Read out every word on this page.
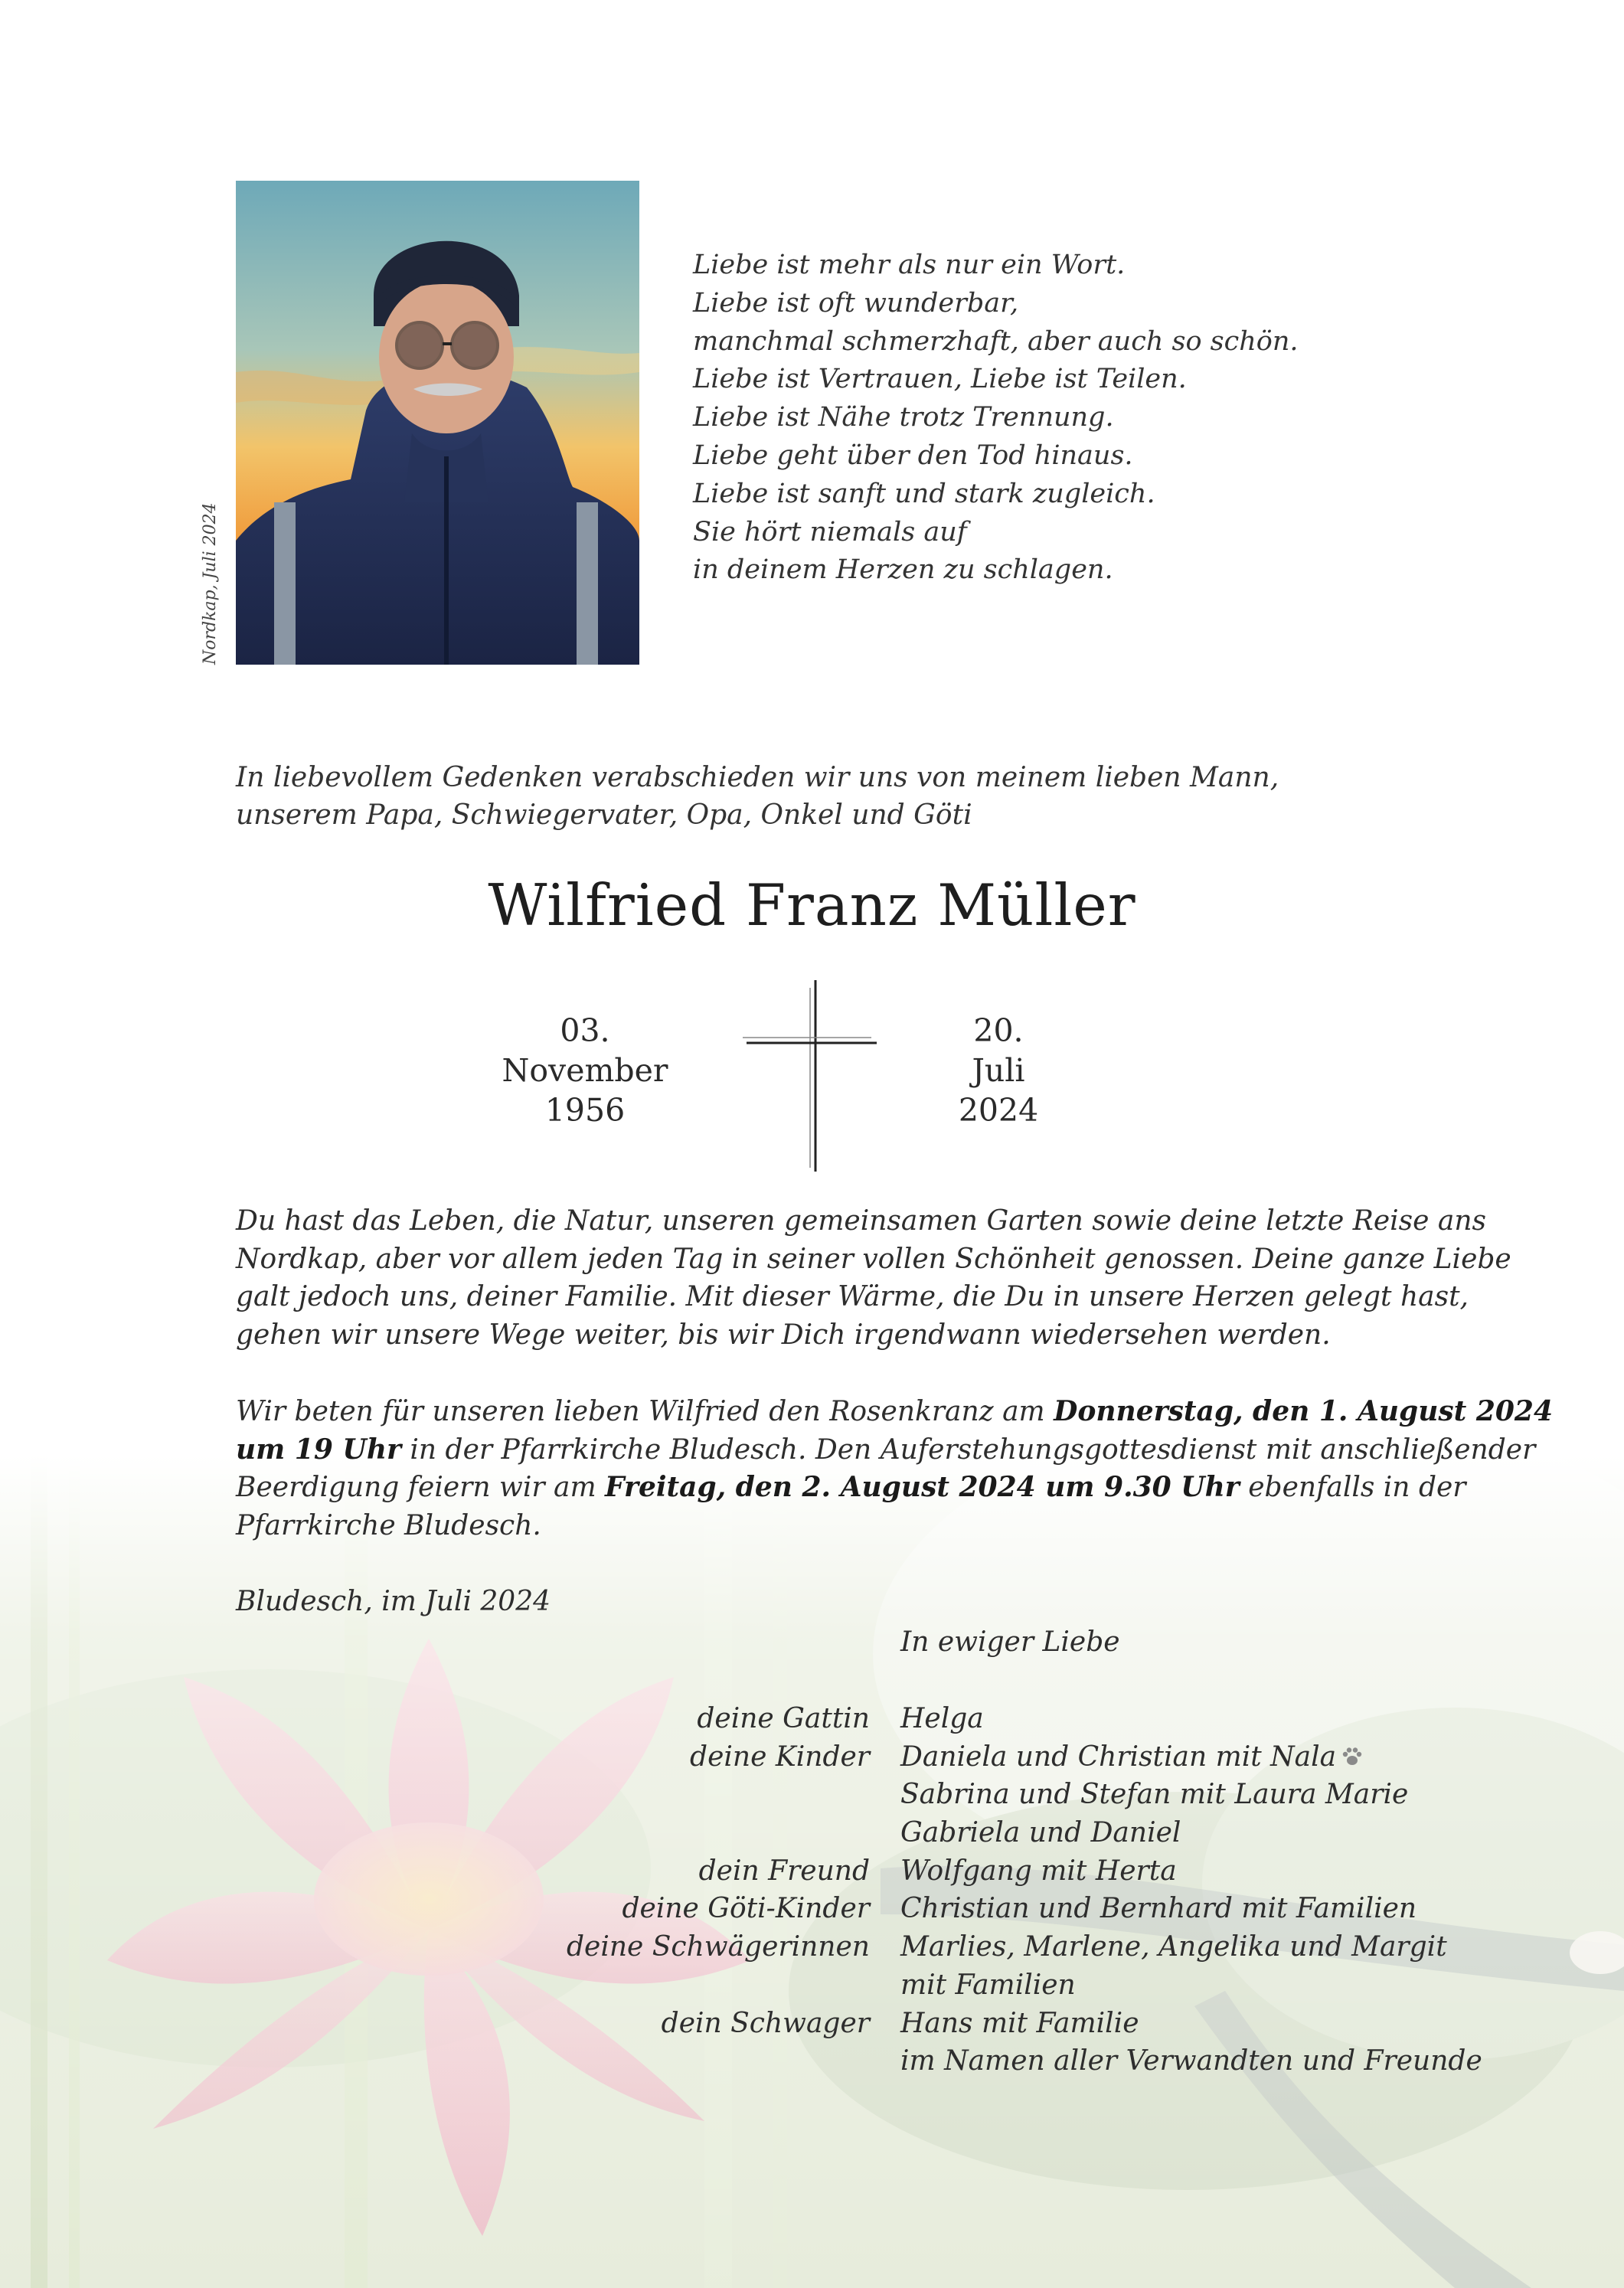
Nordkap, Juli 2024
Liebe ist mehr als nur ein Wort.
Liebe ist oft wunderbar,
manchmal schmerzhaft, aber auch so schön.
Liebe ist Vertrauen, Liebe ist Teilen.
Liebe ist Nähe trotz Trennung.
Liebe geht über den Tod hinaus.
Liebe ist sanft und stark zugleich.
Sie hört niemals auf
in deinem Herzen zu schlagen.
In liebevollem Gedenken verabschieden wir uns von meinem lieben Mann,
unserem Papa, Schwiegervater, Opa, Onkel und Göti
Wilfried Franz Müller
03.
November
1956
20.
Juli
2024
Du hast das Leben, die Natur, unseren gemeinsamen Garten sowie deine letzte Reise ans
Nordkap, aber vor allem jeden Tag in seiner vollen Schönheit genossen. Deine ganze Liebe
galt jedoch uns, deiner Familie. Mit dieser Wärme, die Du in unsere Herzen gelegt hast,
gehen wir unsere Wege weiter, bis wir Dich irgendwann wiedersehen werden.
Wir beten für unseren lieben Wilfried den Rosenkranz am Donnerstag, den 1. August 2024
um 19 Uhr in der Pfarrkirche Bludesch. Den Auferstehungsgottesdienst mit anschließender
Beerdigung feiern wir am Freitag, den 2. August 2024 um 9.30 Uhr ebenfalls in der
Pfarrkirche Bludesch.
Bludesch, im Juli 2024
In ewiger Liebe
deine Gattin Helga
deine Kinder Daniela und Christian mit Nala
Sabrina und Stefan mit Laura Marie
Gabriela und Daniel
dein Freund Wolfgang mit Herta
deine Göti-Kinder Christian und Bernhard mit Familien
deine Schwägerinnen Marlies, Marlene, Angelika und Margit
mit Familien
dein Schwager Hans mit Familie
im Namen aller Verwandten und Freunde
